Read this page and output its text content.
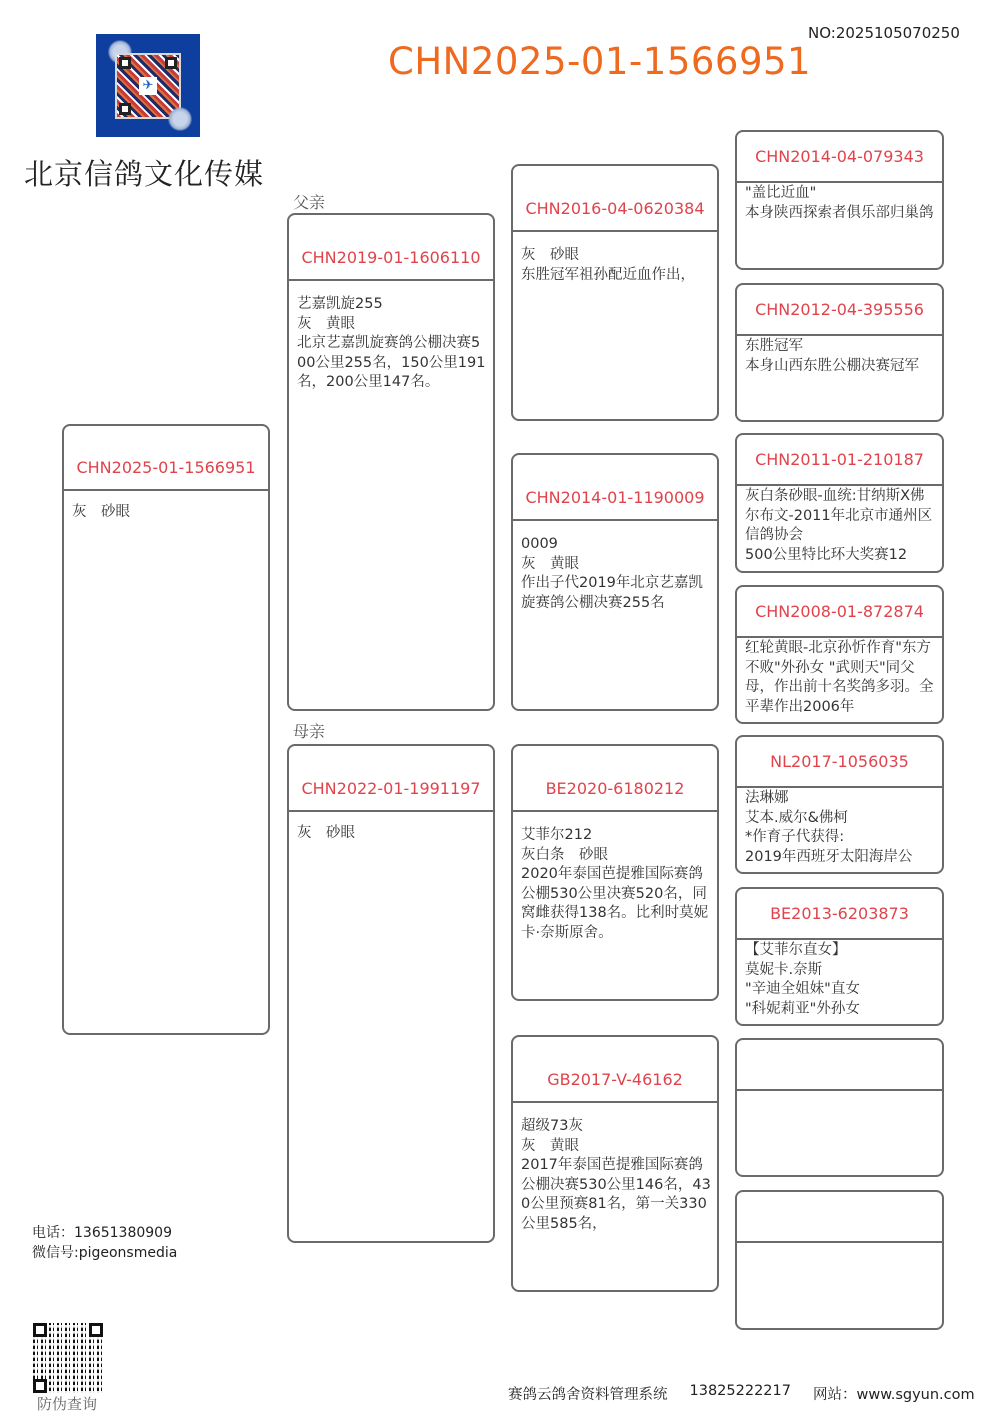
✈
北京信鸽文化传媒
CHN2025-01-1566951
NO:2025105070250
父亲
母亲
CHN2025-01-1566951
灰　砂眼
CHN2019-01-1606110
艺嘉凯旋255
灰　黄眼
北京艺嘉凯旋赛鸽公棚决赛500公里255名，150公里191名，200公里147名。
CHN2022-01-1991197
灰　砂眼
CHN2016-04-0620384
灰　砂眼
东胜冠军祖孙配近血作出，
CHN2014-01-1190009
0009
灰　黄眼
作出子代2019年北京艺嘉凯旋赛鸽公棚决赛255名
BE2020-6180212
艾菲尔212
灰白条　砂眼
2020年泰国芭提雅国际赛鸽公棚530公里决赛520名，同窝雌获得138名。比利时莫妮卡·奈斯原舍。
GB2017-V-46162
超级73灰
灰　黄眼
2017年泰国芭提雅国际赛鸽公棚决赛530公里146名，430公里预赛81名，第一关330公里585名，
CHN2014-04-079343
"盖比近血"
本身陕西探索者俱乐部归巢鸽
CHN2012-04-395556
东胜冠军
本身山西东胜公棚决赛冠军
CHN2011-01-210187
灰白条砂眼-血统:甘纳斯X佛尔布文-2011年北京市通州区信鸽协会
500公里特比环大奖赛12
CHN2008-01-872874
红轮黄眼-北京孙忻作育"东方不败"外孙女 "武则天"同父母，作出前十名奖鸽多羽。全平辈作出2006年
NL2017-1056035
法琳娜
艾本.威尔&佛柯
*作育子代获得:
2019年西班牙太阳海岸公
BE2013-6203873
【艾菲尔直女】
莫妮卡.奈斯
"辛迪全姐妹"直女
"科妮莉亚"外孙女
电话：13651380909
微信号:pigeonsmedia
防伪查询	赛鸽云鸽舍资料管理系统 13825222217 网站：www.sgyun.com
